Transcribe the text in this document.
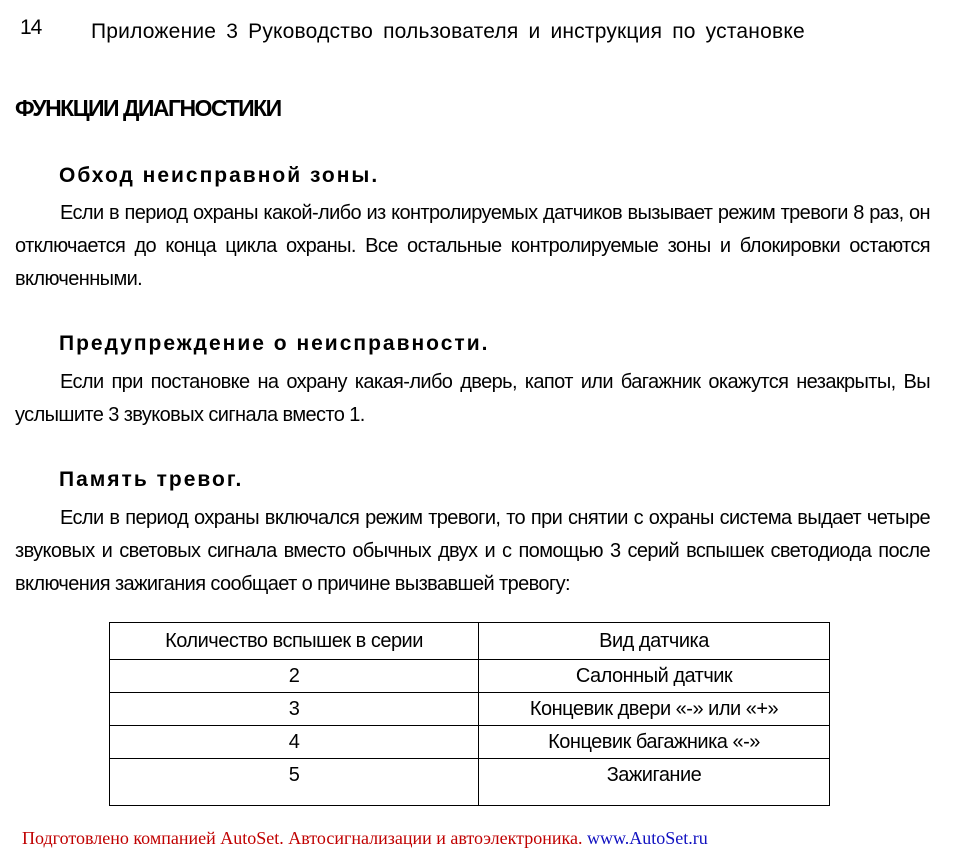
14 Приложение 3 Руководство пользователя и инструкция по установке
ФУНКЦИИ ДИАГНОСТИКИ
Обход неисправной зоны.
Если в период охраны какой-либо из контролируемых датчиков вызывает режим тревоги 8 раз, он отключается до конца цикла охраны. Все остальные контролируемые зоны и блокировки остаются включенными.
Предупреждение о неисправности.
Если при постановке на охрану какая-либо дверь, капот или багажник окажутся незакрыты, Вы услышите 3 звуковых сигнала вместо 1.
Память тревог.
Если в период охраны включался режим тревоги, то при снятии с охраны система выдает четыре звуковых и световых сигнала вместо обычных двух и с помощью 3 серий вспышек светодиода после включения зажигания сообщает о причине вызвавшей тревогу:
Количество вспышек в серии	Вид датчика
2	Салонный датчик
3	Концевик двери «-» или «+»
4	Концевик багажника «-»
5	Зажигание
Подготовлено компанией AutoSet. Автосигнализации и автоэлектроника. www.AutoSet.ru
